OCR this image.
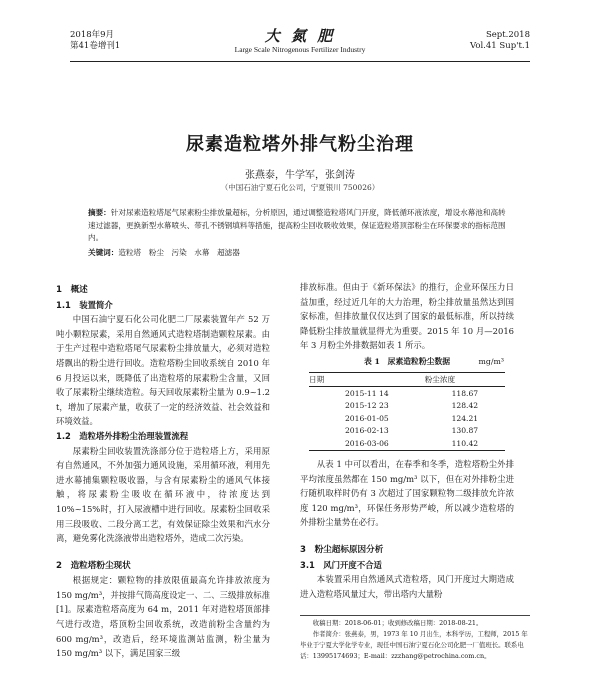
2018年9月
第41卷增刊1
大 氮 肥
Large Scale Nitrogenous Fertilizer Industry
Sept.2018
Vol.41 Sup't.1
尿素造粒塔外排气粉尘治理
张燕泰，牛学军，张剑涛
（中国石油宁夏石化公司，宁夏银川 750026）
摘要：针对尿素造粒塔尾气尿素粉尘排放量超标，分析原因，通过调整造粒塔风门开度，降低循环液浓度，增设水幕池和高转速过滤器，更换新型水幕喷头、带孔不锈钢填料等措施，提高粉尘回收吸收效果，保证造粒塔顶部粉尘在环保要求的指标范围内。
关键词：造粒塔　粉尘　污染　水幕　超滤器
1　概述
1.1　装置简介
中国石油宁夏石化公司化肥二厂尿素装置年产 52 万吨小颗粒尿素，采用自然通风式造粒塔制造颗粒尿素。由于生产过程中造粒塔尾气尿素粉尘排放量大，必须对造粒塔飘出的粉尘进行回收。造粒塔粉尘回收系统自 2010 年 6 月投运以来，既降低了出造粒塔的尿素粉尘含量，又回收了尿素粉尘继续造粒。每天回收尿素粉尘量为 0.9~1.2 t，增加了尿素产量，收获了一定的经济效益、社会效益和环境效益。
1.2　造粒塔外排粉尘治理装置流程
尿素粉尘回收装置洗涤部分位于造粒塔上方，采用原有自然通风，不外加强力通风设施，采用循环液，利用先进水幕捕集颗粒吸收器，与含有尿素粉尘的通风气体接触，将尿素粉尘吸收在循环液中，待浓度达到 10%~15%时，打入尿液槽中进行回收。尿素粉尘回收采用三段吸收、二段分离工艺，有效保证除尘效果和汽水分离，避免雾化洗涤液带出造粒塔外，造成二次污染。
2　造粒塔粉尘现状
根据规定：颗粒物的排放限值最高允许排放浓度为 150 mg/m³，并按排气筒高度设定一、二、三级排放标准[1]。尿素造粒塔高度为 64 m，2011 年对造粒塔顶部排气进行改造，塔顶粉尘回收系统，改造前粉尘含量约为 600 mg/m³，改造后，经环境监测站监测，粉尘量为 150 mg/m³ 以下，满足国家三级
排放标准。但由于《新环保法》的推行，企业环保压力日益加重，经过近几年的大力治理，粉尘排放量虽然达到国家标准，但排放量仅仅达到了国家的最低标准，所以持续降低粉尘排放量就显得尤为重要。2015 年 10 月—2016 年 3 月粉尘外排数据如表 1 所示。
表 1　尿素造粒粉尘数据	mg/m³
日期	粉尘浓度
2015-11 14	118.67
2015-12 23	128.42
2016-01-05	124.21
2016-02-13	130.87
2016-03-06	110.42
从表 1 中可以看出，在春季和冬季，造粒塔粉尘外排平均浓度虽然都在 150 mg/m³ 以下，但在对外排粉尘进行随机取样时仍有 3 次超过了国家颗粒物二级排放允许浓度 120 mg/m³，环保任务形势严峻，所以减少造粒塔的外排粉尘量势在必行。
3　粉尘超标原因分析
3.1　风门开度不合适
本装置采用自然通风式造粒塔，风门开度过大期造成进入造粒塔风量过大，带出塔内大量粉
收稿日期：2018-06-01；收到修改稿日期：2018-08-21。
作者简介：张燕泰，男，1973 年 10 月出生，本科学历，工程师，2015 年毕业于宁夏大学化学专业，现任中国石油宁夏石化公司化肥一厂值班长。联系电话：13995174693；E-mail：zzzhang@petrochina.com.cn。
